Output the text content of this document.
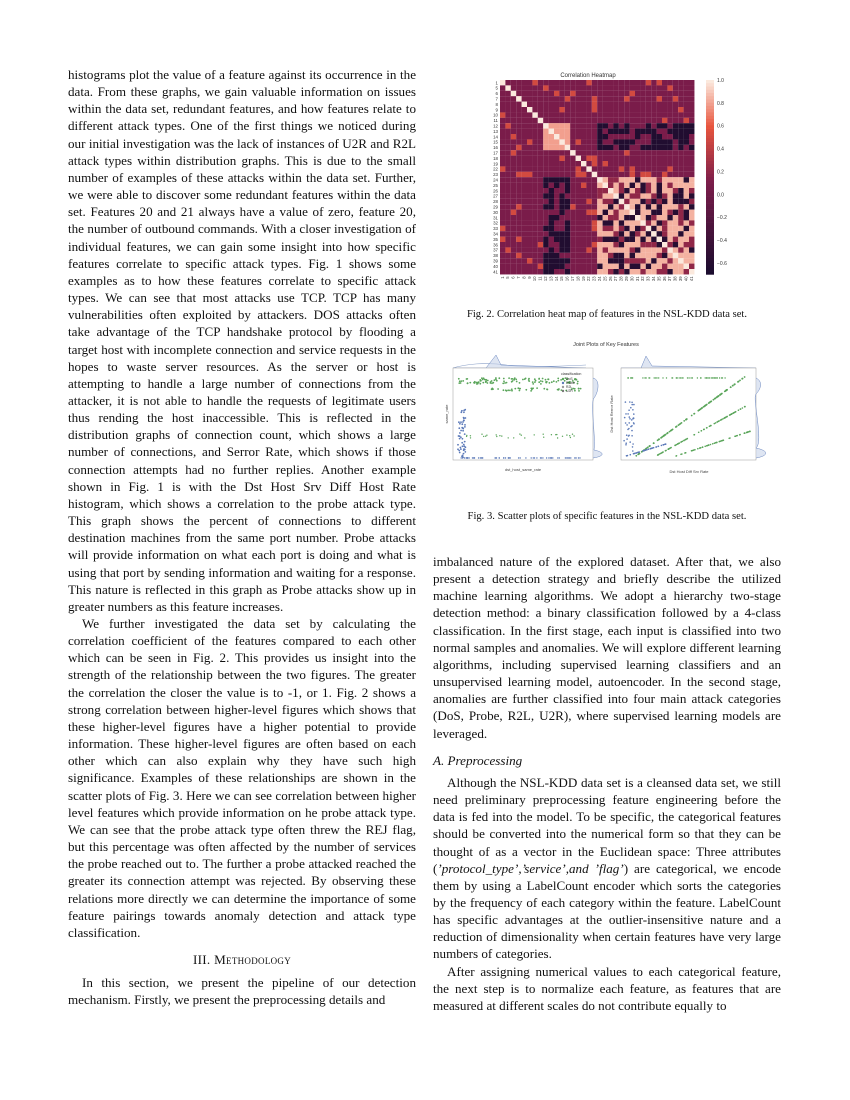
histograms plot the value of a feature against its occurrence in the data. From these graphs, we gain valuable information on issues within the data set, redundant features, and how features relate to different attack types. One of the first things we noticed during our initial investigation was the lack of instances of U2R and R2L attack types within distribution graphs. This is due to the small number of examples of these attacks within the data set. Further, we were able to discover some redundant features within the data set. Features 20 and 21 always have a value of zero, feature 20, the number of outbound commands. With a closer investigation of individual features, we can gain some insight into how specific features correlate to specific attack types. Fig. 1 shows some examples as to how these features correlate to specific attack types. We can see that most attacks use TCP. TCP has many vulnerabilities often exploited by attackers. DOS attacks often take advantage of the TCP handshake protocol by flooding a target host with incomplete connection and service requests in the hopes to waste server resources. As the server or host is attempting to handle a large number of connections from the attacker, it is not able to handle the requests of legitimate users thus rending the host inaccessible. This is reflected in the distribution graphs of connection count, which shows a large number of connections, and Serror Rate, which shows if those connection attempts had no further replies. Another example shown in Fig. 1 is with the Dst Host Srv Diff Host Rate histogram, which shows a correlation to the probe attack type. This graph shows the percent of connections to different destination machines from the same port number. Probe attacks will provide information on what each port is doing and what is using that port by sending information and waiting for a response. This nature is reflected in this graph as Probe attacks show up in greater numbers as this feature increases.

We further investigated the data set by calculating the correlation coefficient of the features compared to each other which can be seen in Fig. 2. This provides us insight into the strength of the relationship between the two figures. The greater the correlation the closer the value is to -1, or 1. Fig. 2 shows a strong correlation between higher-level figures which shows that these higher-level figures have a higher potential to provide information. These higher-level figures are often based on each other which can also explain why they have such high significance. Examples of these relationships are shown in the scatter plots of Fig. 3. Here we can see correlation between higher level features which provide information on he probe attack type. We can see that the probe attack type often threw the REJ flag, but this percentage was often affected by the number of services the probe reached out to. The further a probe attacked reached the greater its connection attempt was rejected. By observing these relations more directly we can determine the importance of some feature pairings towards anomaly detection and attack type classification.

III. Methodology

In this section, we present the pipeline of our detection mechanism. Firstly, we present the preprocessing details and

Correlation Heatmap
1
5
6
7
8
9
10
11
12
13
14
15
16
17
18
19
22
23
24
25
26
27
28
29
30
31
32
33
34
35
36
37
38
39
40
41
1 5 6 7 8 9 10 11 12 13 14 15 16 17 18 19 22 23 24 25 26 27 28 29 30 31 32 33 34 35 36 37 38 39 40 41
1.0
0.8
0.6
0.4
0.2
0.0
−0.2
−0.4
−0.6
Fig. 2. Correlation heat map of features in the NSL-KDD data set.
Joint Plots of Key Features
dst_host_same_rate
same_rate
classification
DoS
Probe
R2L
U2R
Dst Host Diff Srv Rate
Dst Host Rerror Rate
Fig. 3. Scatter plots of specific features in the NSL-KDD data set.

imbalanced nature of the explored dataset. After that, we also present a detection strategy and briefly describe the utilized machine learning algorithms. We adopt a hierarchy two-stage detection method: a binary classification followed by a 4-class classification. In the first stage, each input is classified into two normal samples and anomalies. We will explore different learning algorithms, including supervised learning classifiers and an unsupervised learning model, autoencoder. In the second stage, anomalies are further classified into four main attack categories (DoS, Probe, R2L, U2R), where supervised learning models are leveraged.

A. Preprocessing

Although the NSL-KDD data set is a cleansed data set, we still need preliminary preprocessing feature engineering before the data is fed into the model. To be specific, the categorical features should be converted into the numerical form so that they can be thought of as a vector in the Euclidean space: Three attributes (’protocol_type’,’service’,and ’flag’) are categorical, we encode them by using a LabelCount encoder which sorts the categories by the frequency of each category within the feature. LabelCount has specific advantages at the outlier-insensitive nature and a reduction of dimensionality when certain features have very large numbers of categories.

After assigning numerical values to each categorical feature, the next step is to normalize each feature, as features that are measured at different scales do not contribute equally to
